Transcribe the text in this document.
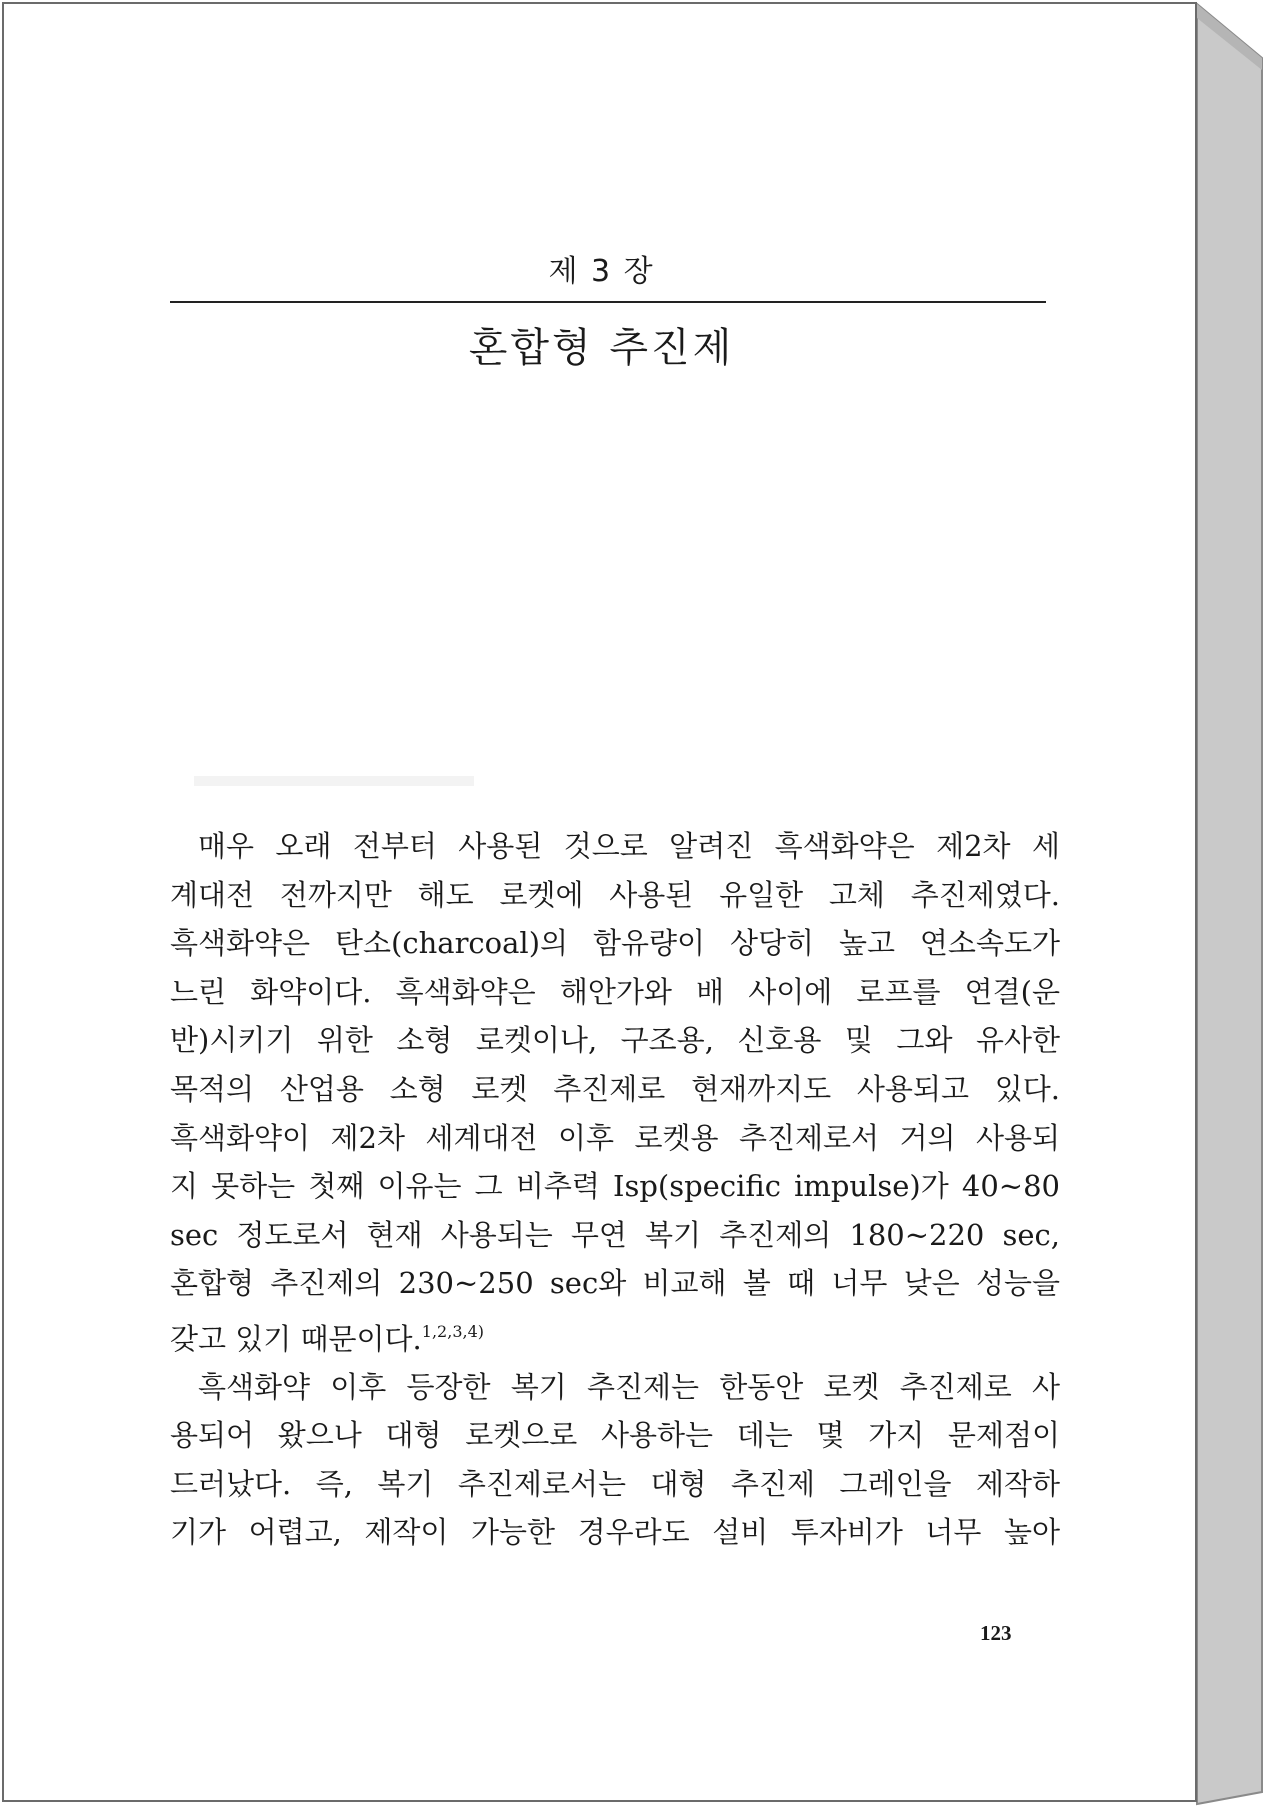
제 3 장
혼합형 추진제

매우 오래 전부터 사용된 것으로 알려진 흑색화약은 제2차 세
계대전 전까지만 해도 로켓에 사용된 유일한 고체 추진제였다.
흑색화약은 탄소(charcoal)의 함유량이 상당히 높고 연소속도가
느린 화약이다. 흑색화약은 해안가와 배 사이에 로프를 연결(운
반)시키기 위한 소형 로켓이나, 구조용, 신호용 및 그와 유사한
목적의 산업용 소형 로켓 추진제로 현재까지도 사용되고 있다.
흑색화약이 제2차 세계대전 이후 로켓용 추진제로서 거의 사용되
지 못하는 첫째 이유는 그 비추력 Isp(specific impulse)가 40~80
sec 정도로서 현재 사용되는 무연 복기 추진제의 180~220 sec,
혼합형 추진제의 230~250 sec와 비교해 볼 때 너무 낮은 성능을
갖고 있기 때문이다.$^{1,2,3,4)}$

흑색화약 이후 등장한 복기 추진제는 한동안 로켓 추진제로 사
용되어 왔으나 대형 로켓으로 사용하는 데는 몇 가지 문제점이
드러났다. 즉, 복기 추진제로서는 대형 추진제 그레인을 제작하
기가 어렵고, 제작이 가능한 경우라도 설비 투자비가 너무 높아

123
